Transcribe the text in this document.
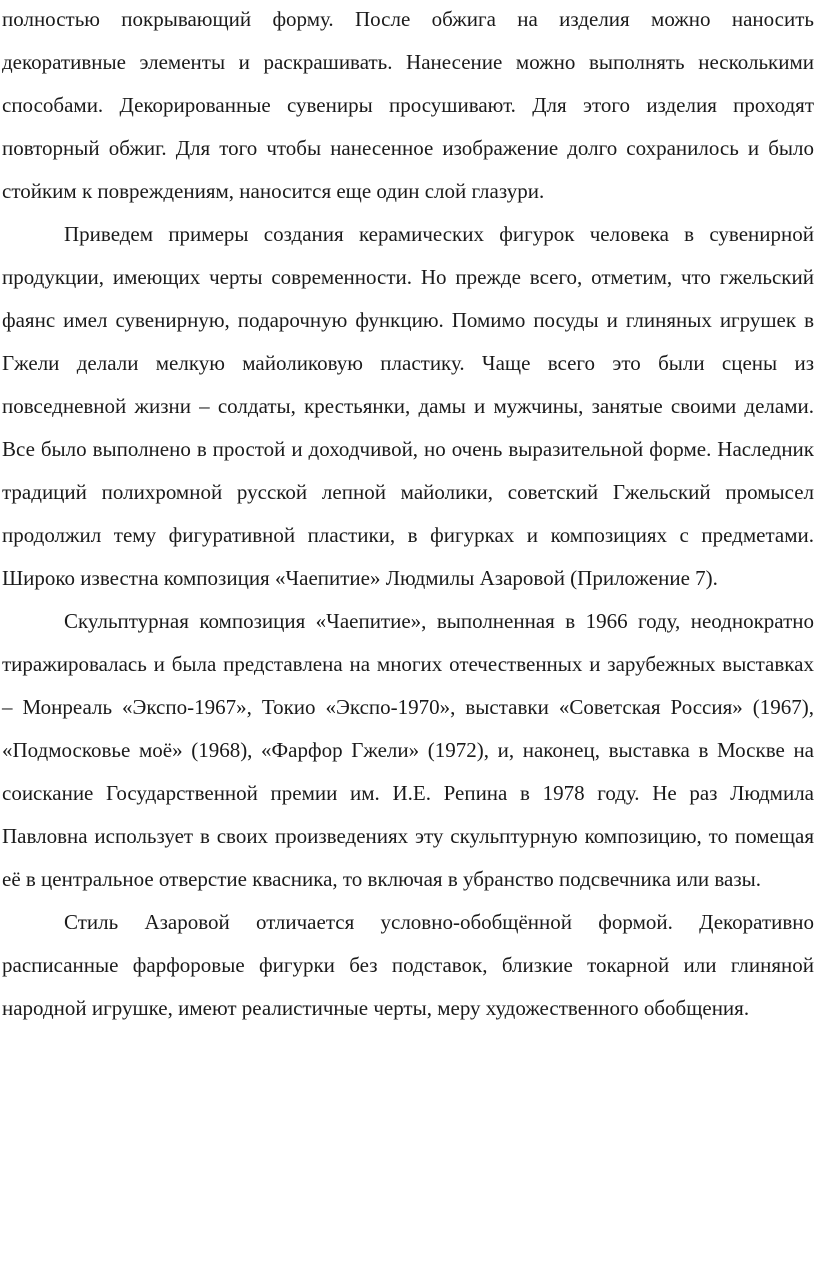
полностью покрывающий форму. После обжига на изделия можно наносить декоративные элементы и раскрашивать. Нанесение можно выполнять несколькими способами. Декорированные сувениры просушивают. Для этого изделия проходят повторный обжиг. Для того чтобы нанесенное изображение долго сохранилось и было стойким к повреждениям, наносится еще один слой глазури.

Приведем примеры создания керамических фигурок человека в сувенирной продукции, имеющих черты современности. Но прежде всего, отметим, что гжельский фаянс имел сувенирную, подарочную функцию. Помимо посуды и глиняных игрушек в Гжели делали мелкую майоликовую пластику. Чаще всего это были сцены из повседневной жизни – солдаты, крестьянки, дамы и мужчины, занятые своими делами. Все было выполнено в простой и доходчивой, но очень выразительной форме. Наследник традиций полихромной русской лепной майолики, советский Гжельский промысел продолжил тему фигуративной пластики, в фигурках и композициях с предметами. Широко известна композиция «Чаепитие» Людмилы Азаровой (Приложение 7).

Скульптурная композиция «Чаепитие», выполненная в 1966 году, неоднократно тиражировалась и была представлена на многих отечественных и зарубежных выставках – Монреаль «Экспо-1967», Токио «Экспо-1970», выставки «Советская Россия» (1967), «Подмосковье моё» (1968), «Фарфор Гжели» (1972), и, наконец, выставка в Москве на соискание Государственной премии им. И.Е. Репина в 1978 году. Не раз Людмила Павловна использует в своих произведениях эту скульптурную композицию, то помещая её в центральное отверстие квасника, то включая в убранство подсвечника или вазы.

Стиль Азаровой отличается условно-обобщённой формой. Декоративно расписанные фарфоровые фигурки без подставок, близкие токарной или глиняной народной игрушке, имеют реалистичные черты, меру художественного обобщения.
